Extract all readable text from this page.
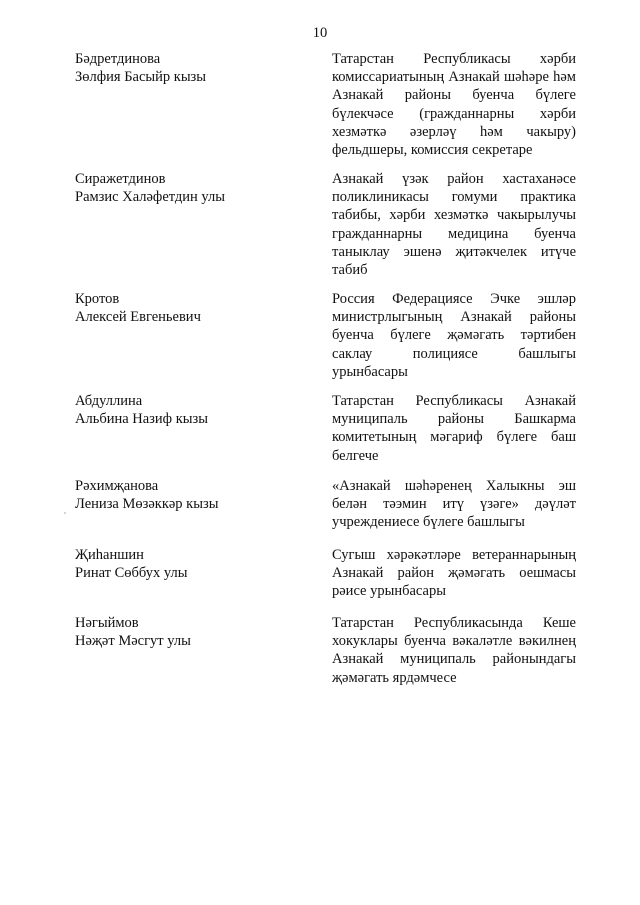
10
Бәдретдинова
Зөлфия Басыйр кызы
Татарстан Республикасы хәрби комиссариатының Азнакай шәһәре һәм Азнакай районы буенча бүлеге бүлекчәсе (гражданнарны хәрби хезмәткә әзерләү һәм чакыру) фельдшеры, комиссия секретаре
Сиражетдинов
Рамзис Халәфетдин улы
Азнакай үзәк район хастаханәсе поликлиникасы гомуми практика табибы, хәрби хезмәткә чакырылучы гражданнарны медицина буенча таныклау эшенә җитәкчелек итүче табиб
Кротов
Алексей Евгеньевич
Россия Федерациясе Эчке эшләр министрлыгының Азнакай районы буенча бүлеге җәмәгать тәртибен саклау полициясе башлыгы урынбасары
Абдуллина
Альбина Назиф кызы
Татарстан Республикасы Азнакай муниципаль районы Башкарма комитетының мәгариф бүлеге баш белгече
Рәхимҗанова
Лениза Мөзәккәр кызы
«Азнакай шәһәренең Халыкны эш белән тәэмин итү үзәге» дәүләт учреждениесе бүлеге башлыгы
Җиһаншин
Ринат Сөббух улы
Сугыш хәрәкәтләре ветераннарының Азнакай район җәмәгать оешмасы рәисе урынбасары
Нәгыймов
Нәҗәт Мәсгут улы
Татарстан Республикасында Кеше хокуклары буенча вәкаләтле вәкилнең Азнакай муниципаль районындагы җәмәгать ярдәмчесе
